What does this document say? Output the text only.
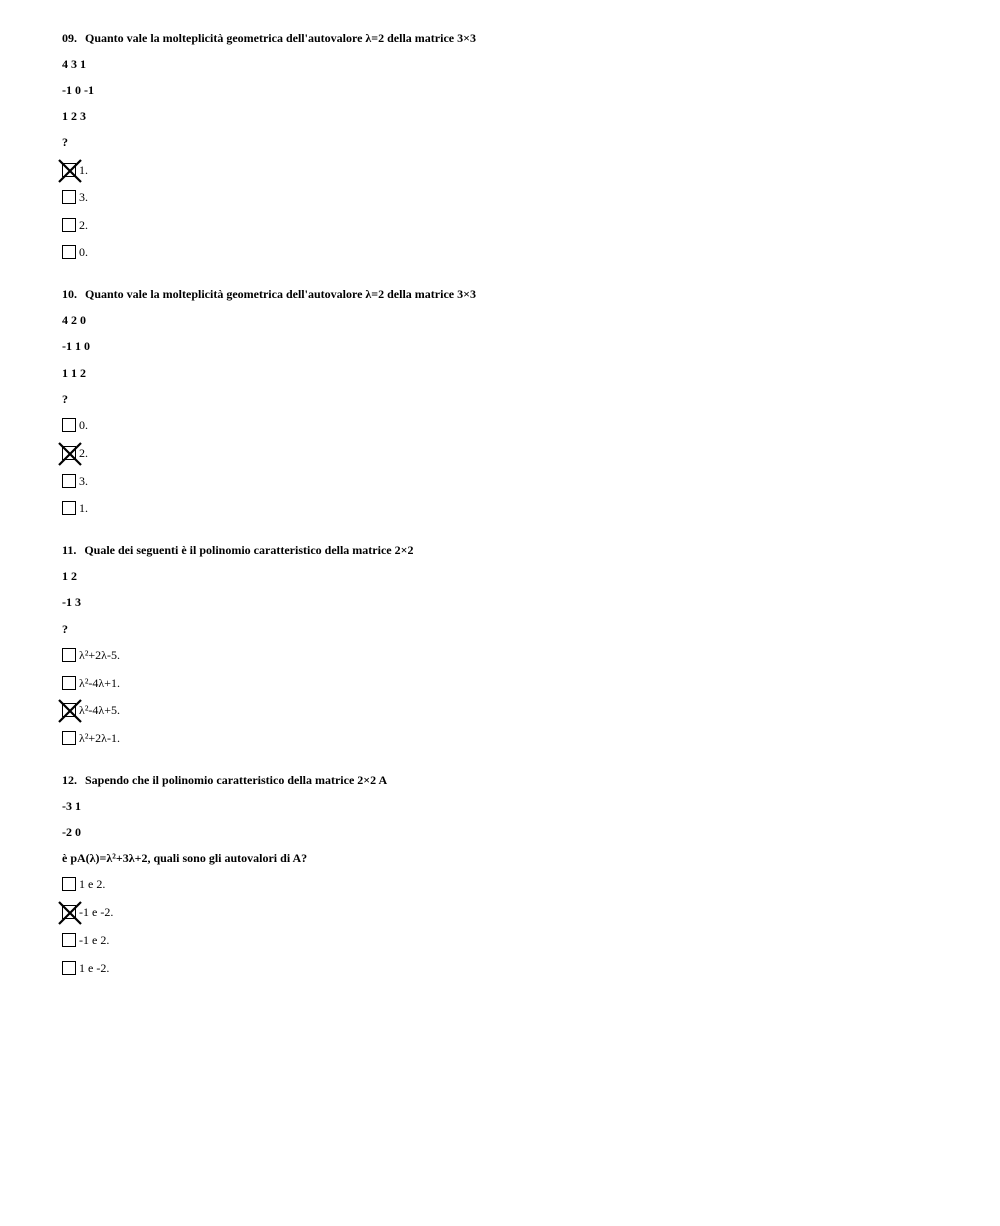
09. Quanto vale la molteplicità geometrica dell'autovalore λ=2 della matrice 3×3
4 3 1
-1 0 -1
1 2 3
?
1.
3.
2.
0.
10. Quanto vale la molteplicità geometrica dell'autovalore λ=2 della matrice 3×3
4 2 0
-1 1 0
1 1 2
?
0.
2.
3.
1.
11. Quale dei seguenti è il polinomio caratteristico della matrice 2×2
1 2
-1 3
?
λ²+2λ-5.
λ²-4λ+1.
λ²-4λ+5.
λ²+2λ-1.
12. Sapendo che il polinomio caratteristico della matrice 2×2 A
-3 1
-2 0
è pA(λ)=λ²+3λ+2, quali sono gli autovalori di A?
1 e 2.
-1 e -2.
-1 e 2.
1 e -2.
